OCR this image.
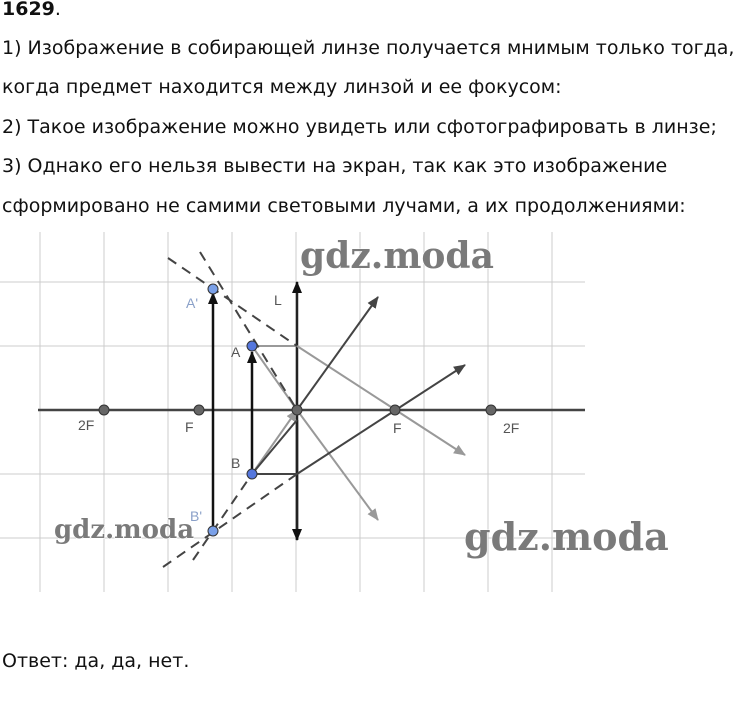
1629.
1) Изображение в собирающей линзе получается мнимым только тогда,
когда предмет находится между линзой и ее фокусом:
2) Такое изображение можно увидеть или сфотографировать в линзе;
3) Однако его нельзя вывести на экран, так как это изображение
сформировано не самими световыми лучами, а их продолжениями:
L
A'
A
B
B'
2F	F	F	2F
gdz.moda
gdz.moda	gdz.moda
Ответ: да, да, нет.
